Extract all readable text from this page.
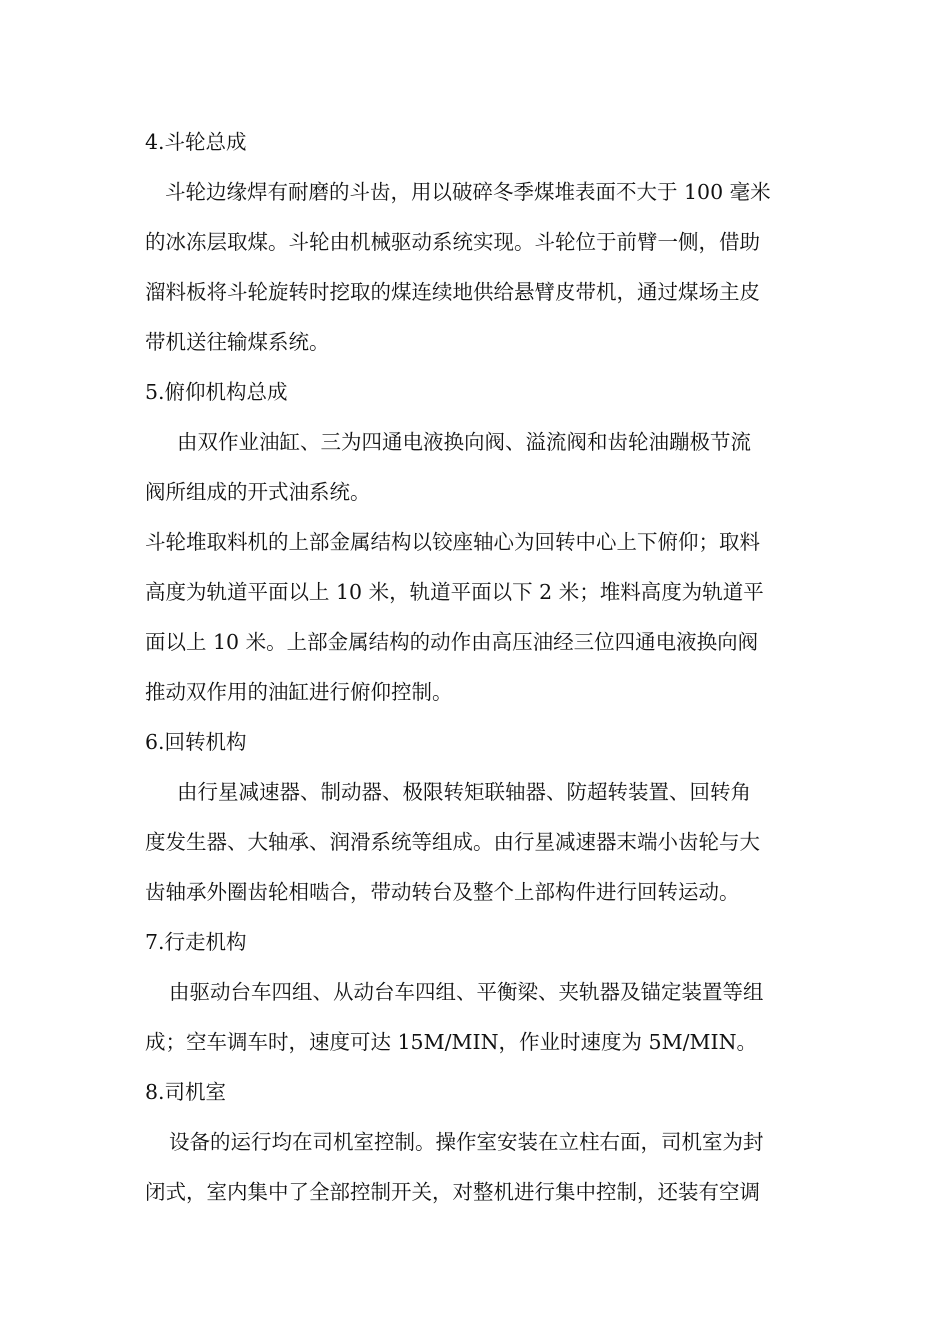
4.斗轮总成
斗轮边缘焊有耐磨的斗齿，用以破碎冬季煤堆表面不大于 100 毫米
的冰冻层取煤。斗轮由机械驱动系统实现。斗轮位于前臂一侧，借助
溜料板将斗轮旋转时挖取的煤连续地供给悬臂皮带机，通过煤场主皮
带机送往输煤系统。
5.俯仰机构总成
由双作业油缸、三为四通电液换向阀、溢流阀和齿轮油蹦极节流
阀所组成的开式油系统。
斗轮堆取料机的上部金属结构以铰座轴心为回转中心上下俯仰；取料
高度为轨道平面以上 10 米，轨道平面以下 2 米；堆料高度为轨道平
面以上 10 米。上部金属结构的动作由高压油经三位四通电液换向阀
推动双作用的油缸进行俯仰控制。
6.回转机构
由行星减速器、制动器、极限转矩联轴器、防超转装置、回转角
度发生器、大轴承、润滑系统等组成。由行星减速器末端小齿轮与大
齿轴承外圈齿轮相啮合，带动转台及整个上部构件进行回转运动。
7.行走机构
由驱动台车四组、从动台车四组、平衡梁、夹轨器及锚定装置等组
成；空车调车时，速度可达 15M/MIN，作业时速度为 5M/MIN。
8.司机室
设备的运行均在司机室控制。操作室安装在立柱右面，司机室为封
闭式，室内集中了全部控制开关，对整机进行集中控制，还装有空调
